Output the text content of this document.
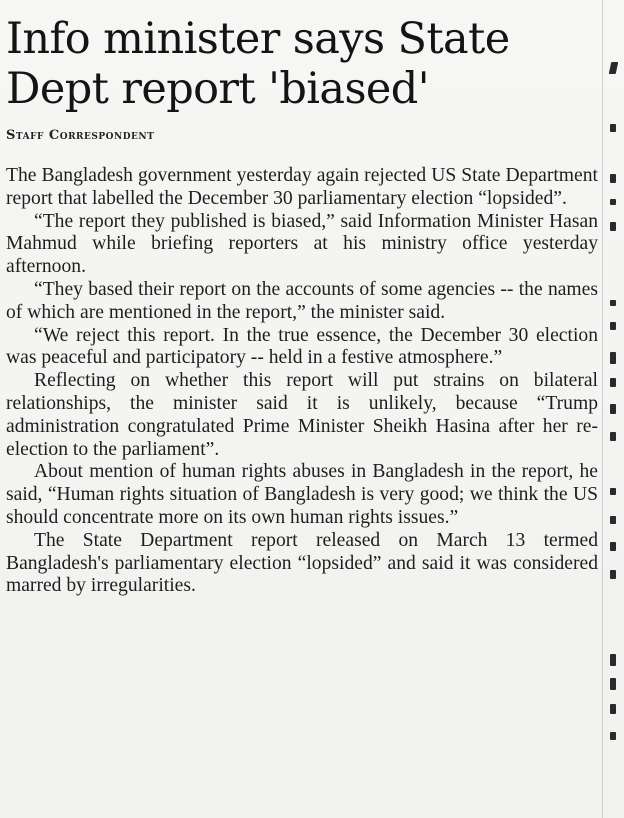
Info minister says State
Dept report 'biased'
Staff Correspondent

The Bangladesh government yesterday again rejected US State Department report that labelled the December 30 parliamentary election “lopsided”.

“The report they published is biased,” said Information Minister Hasan Mahmud while briefing reporters at his ministry office yesterday afternoon.

“They based their report on the accounts of some agencies -- the names of which are mentioned in the report,” the minister said.

“We reject this report. In the true essence, the December 30 election was peaceful and participatory -- held in a festive atmosphere.”

Reflecting on whether this report will put strains on bilateral relationships, the minister said it is unlikely, because “Trump administration congratulated Prime Minister Sheikh Hasina after her re-election to the parliament”.

About mention of human rights abuses in Bangladesh in the report, he said, “Human rights situation of Bangladesh is very good; we think the US should concentrate more on its own human rights issues.”

The State Department report released on March 13 termed Bangladesh's parliamentary election “lopsided” and said it was considered marred by irregularities.
